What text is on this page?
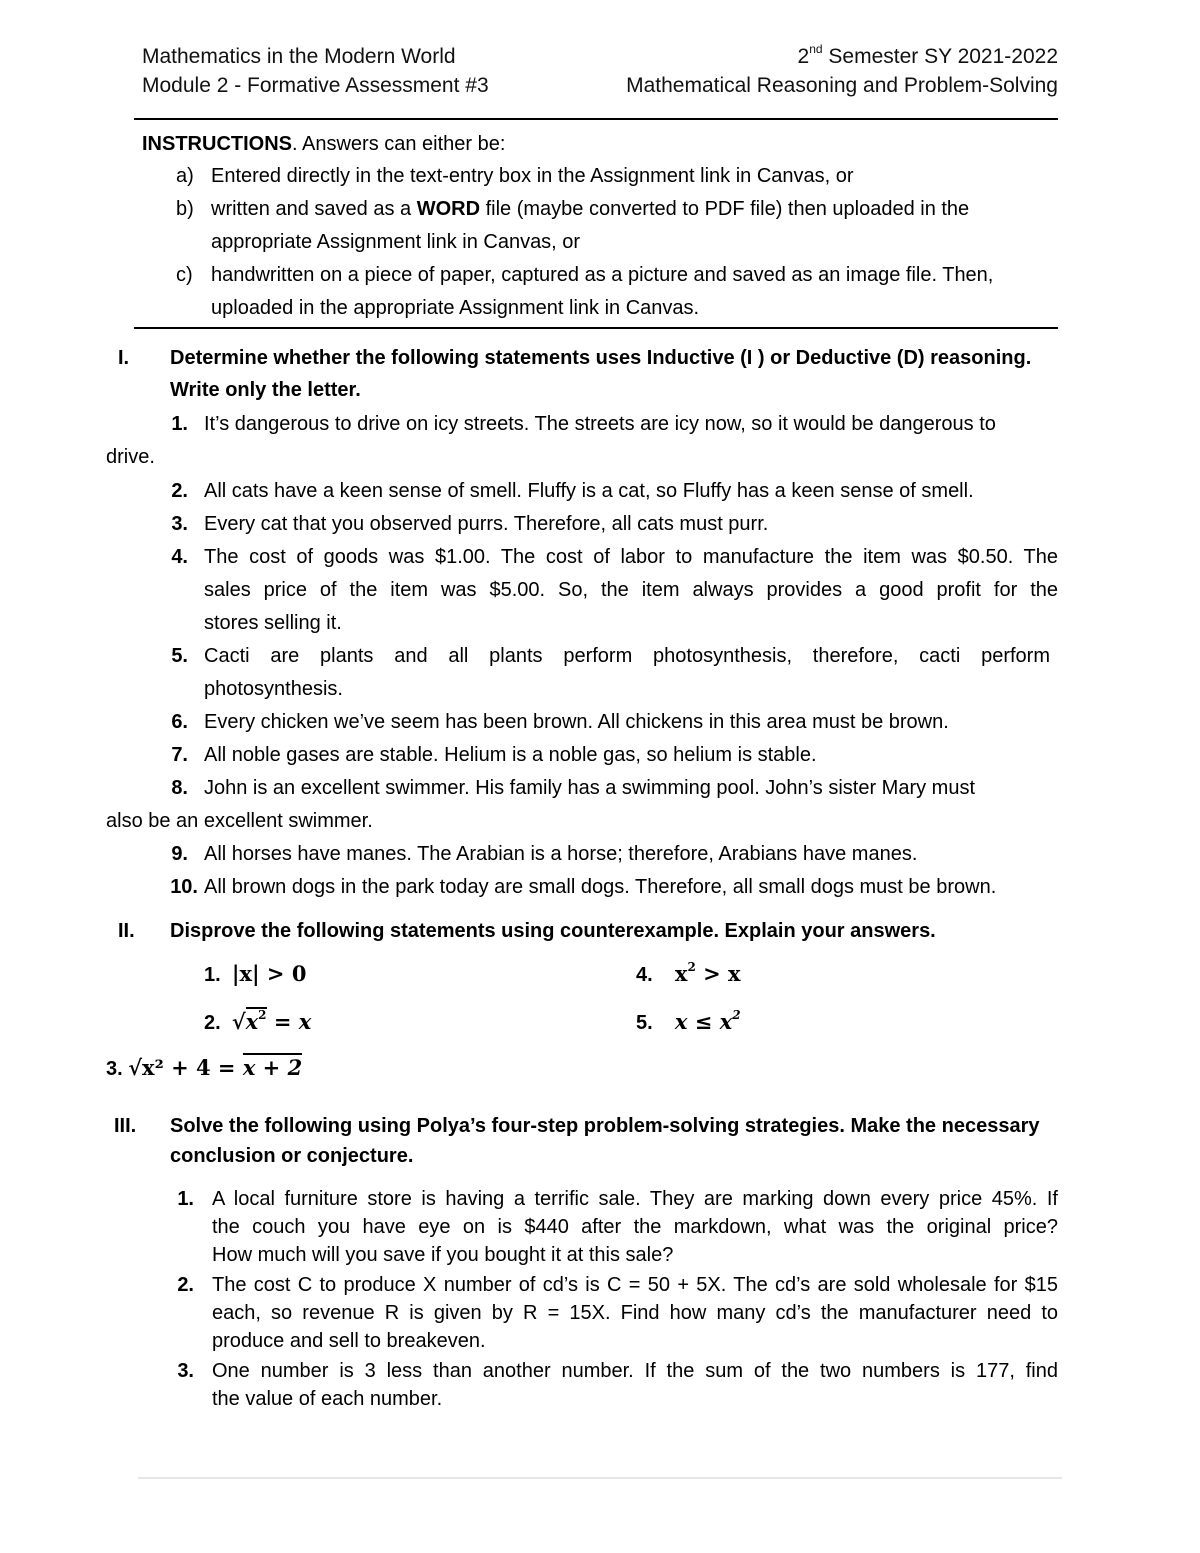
Mathematics in the Modern World	2nd Semester SY 2021-2022
Module 2 - Formative Assessment #3	Mathematical Reasoning and Problem-Solving
INSTRUCTIONS. Answers can either be:
a) Entered directly in the text-entry box in the Assignment link in Canvas, or
b) written and saved as a WORD file (maybe converted to PDF file) then uploaded in the
appropriate Assignment link in Canvas, or
c) handwritten on a piece of paper, captured as a picture and saved as an image file. Then,
uploaded in the appropriate Assignment link in Canvas.
I. Determine whether the following statements uses Inductive (I ) or Deductive (D) reasoning.
Write only the letter.
1. It’s dangerous to drive on icy streets. The streets are icy now, so it would be dangerous to
drive.
2. All cats have a keen sense of smell. Fluffy is a cat, so Fluffy has a keen sense of smell.
3. Every cat that you observed purrs. Therefore, all cats must purr.
4. The cost of goods was $1.00. The cost of labor to manufacture the item was $0.50. The
sales price of the item was $5.00. So, the item always provides a good profit for the
stores selling it.
5. Cacti are plants and all plants perform photosynthesis, therefore, cacti perform
photosynthesis.
6. Every chicken we’ve seem has been brown. All chickens in this area must be brown.
7. All noble gases are stable. Helium is a noble gas, so helium is stable.
8. John is an excellent swimmer. His family has a swimming pool. John’s sister Mary must
also be an excellent swimmer.
9. All horses have manes. The Arabian is a horse; therefore, Arabians have manes.
10. All brown dogs in the park today are small dogs. Therefore, all small dogs must be brown.
II. Disprove the following statements using counterexample. Explain your answers.
1. |x| > 0	4. $x^2 > x$
2. $√x^2 = x$	5. $x \le x^2$
3. √x² + 4 = x + 2
III. Solve the following using Polya’s four-step problem-solving strategies. Make the necessary
conclusion or conjecture.
1. A local furniture store is having a terrific sale. They are marking down every price 45%. If
the couch you have eye on is $440 after the markdown, what was the original price?
How much will you save if you bought it at this sale?
2. The cost C to produce X number of cd’s is C = 50 + 5X. The cd’s are sold wholesale for $15
each, so revenue R is given by R = 15X. Find how many cd’s the manufacturer need to
produce and sell to breakeven.
3. One number is 3 less than another number. If the sum of the two numbers is 177, find
the value of each number.
